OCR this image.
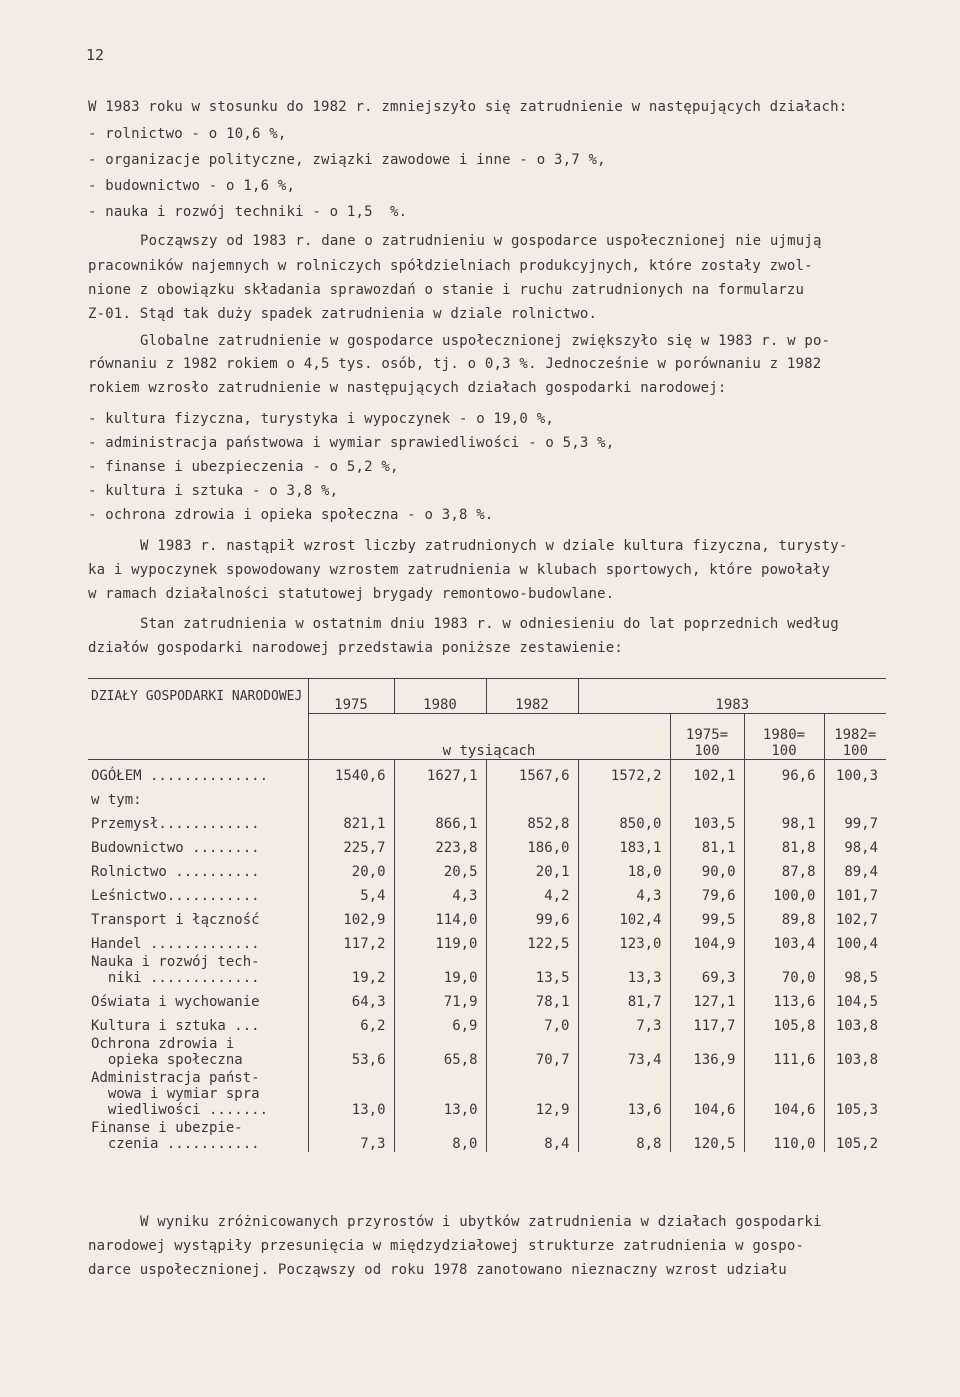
12
W 1983 roku w stosunku do 1982 r. zmniejszyło się zatrudnienie w następujących działach:
- rolnictwo - o 10,6 %,
- organizacje polityczne, związki zawodowe i inne - o 3,7 %,
- budownictwo - o 1,6 %,
- nauka i rozwój techniki - o 1,5  %.
Począwszy od 1983 r. dane o zatrudnieniu w gospodarce uspołecznionej nie ujmują
pracowników najemnych w rolniczych spółdzielniach produkcyjnych, które zostały zwol-
nione z obowiązku składania sprawozdań o stanie i ruchu zatrudnionych na formularzu
Z-01. Stąd tak duży spadek zatrudnienia w dziale rolnictwo.
Globalne zatrudnienie w gospodarce uspołecznionej zwiększyło się w 1983 r. w po-
równaniu z 1982 rokiem o 4,5 tys. osób, tj. o 0,3 %. Jednocześnie w porównaniu z 1982
rokiem wzrosło zatrudnienie w następujących działach gospodarki narodowej:
- kultura fizyczna, turystyka i wypoczynek - o 19,0 %,
- administracja państwowa i wymiar sprawiedliwości - o 5,3 %,
- finanse i ubezpieczenia - o 5,2 %,
- kultura i sztuka - o 3,8 %,
- ochrona zdrowia i opieka społeczna - o 3,8 %.
W 1983 r. nastąpił wzrost liczby zatrudnionych w dziale kultura fizyczna, turysty-
ka i wypoczynek spowodowany wzrostem zatrudnienia w klubach sportowych, które powołały
w ramach działalności statutowej brygady remontowo-budowlane.
Stan zatrudnienia w ostatnim dniu 1983 r. w odniesieniu do lat poprzednich według
działów gospodarki narodowej przedstawia poniższe zestawienie:
DZIAŁY GOSPODARKI NARODOWEJ	1975	1980	1982	1983			
	w tysiącach				1975= 100	1980= 100	1982= 100
OGÓŁEM ..............	1540,6	1627,1	1567,6	1572,2	102,1	96,6	100,3
w tym:							
Przemysł............	821,1	866,1	852,8	850,0	103,5	98,1	99,7
Budownictwo ........	225,7	223,8	186,0	183,1	81,1	81,8	98,4
Rolnictwo ..........	20,0	20,5	20,1	18,0	90,0	87,8	89,4
Leśnictwo...........	5,4	4,3	4,2	4,3	79,6	100,0	101,7
Transport i łączność	102,9	114,0	99,6	102,4	99,5	89,8	102,7
Handel .............	117,2	119,0	122,5	123,0	104,9	103,4	100,4
Nauka i rozwój tech-
niki .............	19,2	19,0	13,5	13,3	69,3	70,0	98,5
Oświata i wychowanie	64,3	71,9	78,1	81,7	127,1	113,6	104,5
Kultura i sztuka ...	6,2	6,9	7,0	7,3	117,7	105,8	103,8
Ochrona zdrowia i
opieka społeczna	53,6	65,8	70,7	73,4	136,9	111,6	103,8
Administracja państ-
wowa i wymiar spra
wiedliwości .......	13,0	13,0	12,9	13,6	104,6	104,6	105,3
Finanse i ubezpie-
czenia ...........	7,3	8,0	8,4	8,8	120,5	110,0	105,2
W wyniku zróżnicowanych przyrostów i ubytków zatrudnienia w działach gospodarki
narodowej wystąpiły przesunięcia w międzydziałowej strukturze zatrudnienia w gospo-
darce uspołecznionej. Począwszy od roku 1978 zanotowano nieznaczny wzrost udziału
